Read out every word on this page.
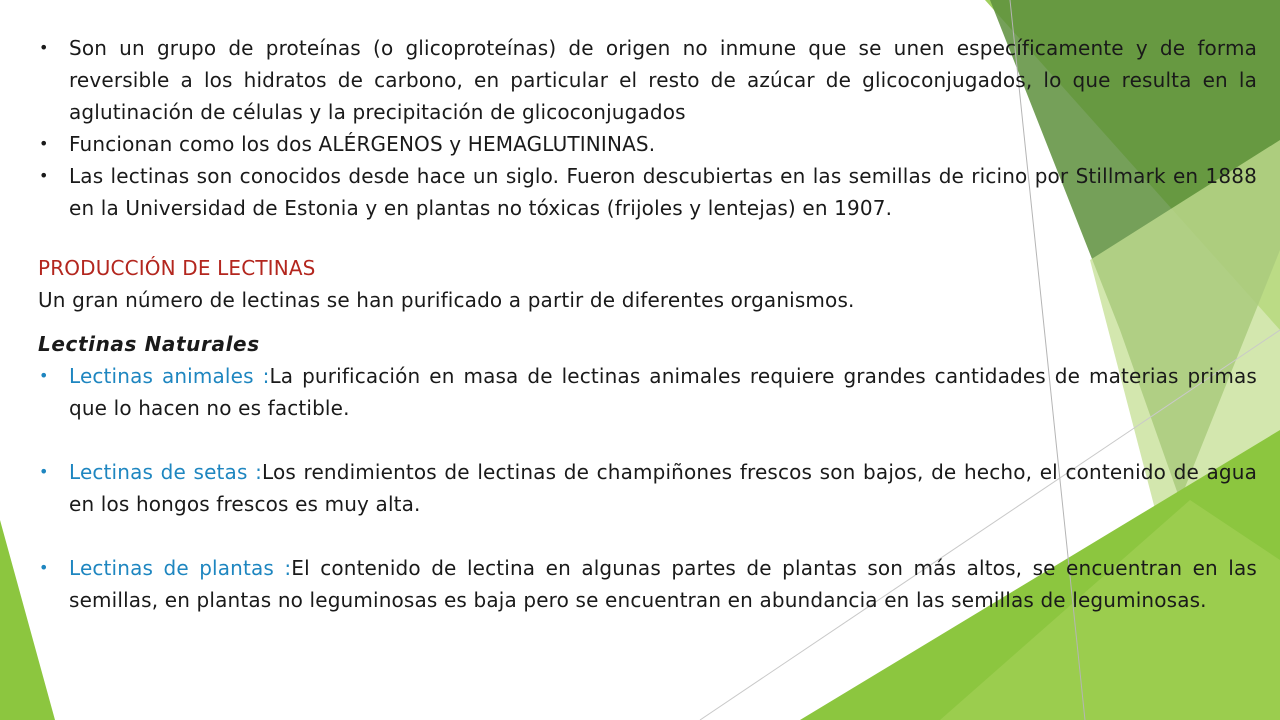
• Son un grupo de proteínas (o glicoproteínas) de origen no inmune que se unen específicamente y de forma reversible a los hidratos de carbono, en particular el resto de azúcar de glicoconjugados, lo que resulta en la aglutinación de células y la precipitación de glicoconjugados
• Funcionan como los dos ALÉRGENOS y HEMAGLUTININAS.
• Las lectinas son conocidos desde hace un siglo. Fueron descubiertas en las semillas de ricino por Stillmark en 1888 en la Universidad de Estonia y en plantas no tóxicas (frijoles y lentejas) en 1907.
PRODUCCIÓN DE LECTINAS
Un gran número de lectinas se han purificado a partir de diferentes organismos.
Lectinas Naturales
• Lectinas animales :La purificación en masa de lectinas animales requiere grandes cantidades de materias primas que lo hacen no es factible.
• Lectinas de setas :Los rendimientos de lectinas de champiñones frescos son bajos, de hecho, el contenido de agua en los hongos frescos es muy alta.
• Lectinas de plantas :El contenido de lectina en algunas partes de plantas son más altos, se encuentran en las semillas, en plantas no leguminosas es baja pero se encuentran en abundancia en las semillas de leguminosas.
